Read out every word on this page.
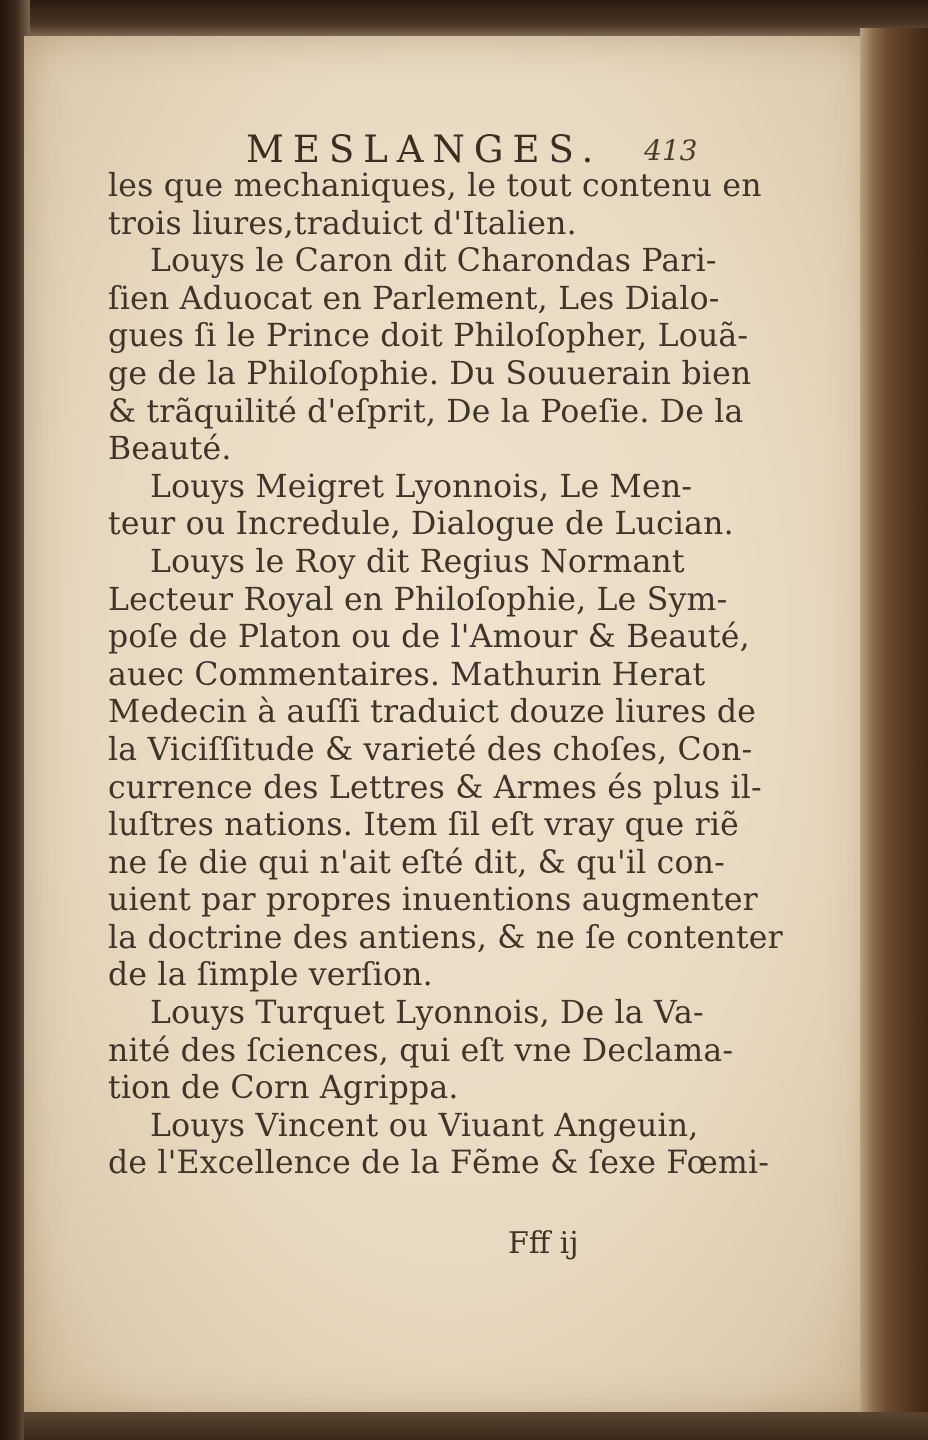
MESLANGES. 413
les que mechaniques, le tout contenu en
trois liures,traduict d'Italien.
Louys le Caron dit Charondas Pari-
ſien Aduocat en Parlement, Les Dialo-
gues ſi le Prince doit Philoſopher, Louã-
ge de la Philoſophie. Du Souuerain bien
& trãquilité d'eſprit, De la Poeſie. De la
Beauté.
Louys Meigret Lyonnois, Le Men-
teur ou Incredule, Dialogue de Lucian.
Louys le Roy dit Regius Normant
Lecteur Royal en Philoſophie, Le Sym-
poſe de Platon ou de l'Amour & Beauté,
auec Commentaires. Mathurin Herat
Medecin à auſſi traduict douze liures de
la Viciſſitude & varieté des choſes, Con-
currence des Lettres & Armes és plus il-
luſtres nations. Item ſil eſt vray que riẽ
ne ſe die qui n'ait eſté dit, & qu'il con-
uient par propres inuentions augmenter
la doctrine des antiens, & ne ſe contenter
de la ſimple verſion.
Louys Turquet Lyonnois, De la Va-
nité des ſciences, qui eſt vne Declama-
tion de Corn Agrippa.
Louys Vincent ou Viuant Angeuin,
de l'Excellence de la Fẽme & ſexe Fœmi-
Fff ij
